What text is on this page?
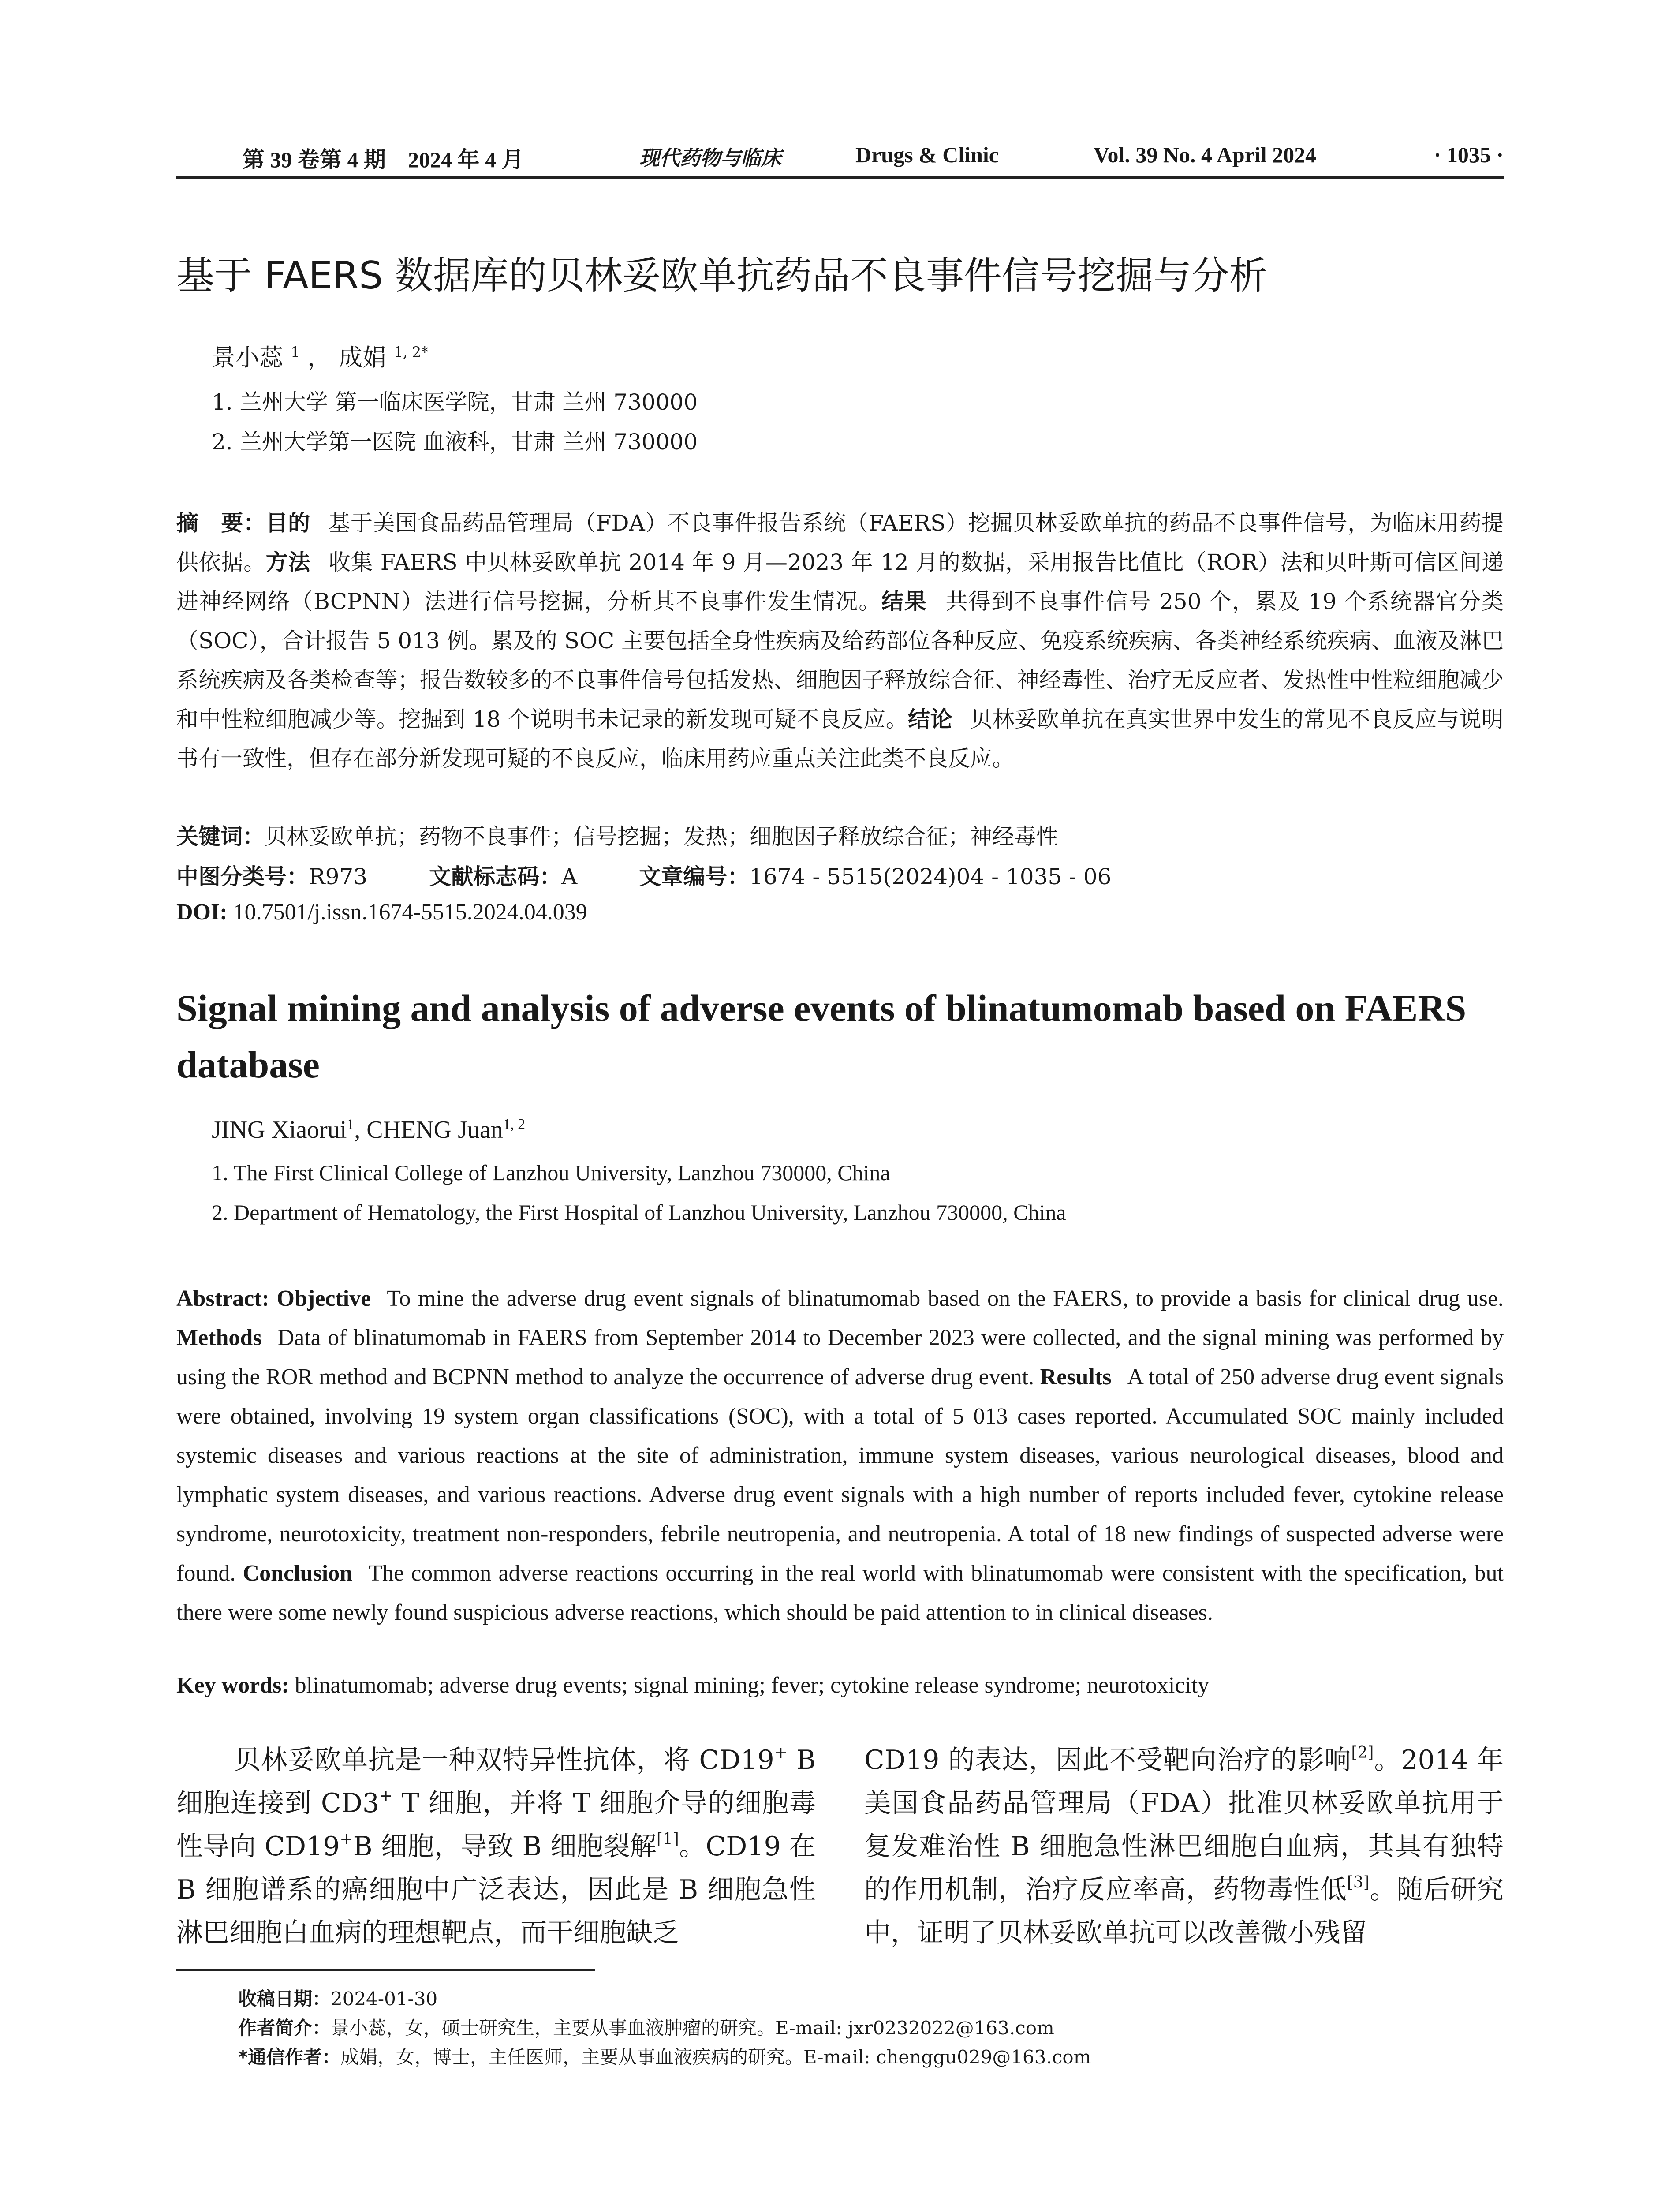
第 39 卷第 4 期　2024 年 4 月	现代药物与临床	Drugs & Clinic	Vol. 39 No. 4 April 2024	· 1035 ·
基于 FAERS 数据库的贝林妥欧单抗药品不良事件信号挖掘与分析
景小蕊 $^1$ ， 成娟 $^{1, 2*}$
1. 兰州大学 第一临床医学院，甘肃 兰州 730000
2. 兰州大学第一医院 血液科，甘肃 兰州 730000
摘　要：目的 基于美国食品药品管理局（FDA）不良事件报告系统（FAERS）挖掘贝林妥欧单抗的药品不良事件信号，为临床用药提供依据。方法 收集 FAERS 中贝林妥欧单抗 2014 年 9 月—2023 年 12 月的数据，采用报告比值比（ROR）法和贝叶斯可信区间递进神经网络（BCPNN）法进行信号挖掘，分析其不良事件发生情况。结果 共得到不良事件信号 250 个，累及 19 个系统器官分类（SOC），合计报告 5 013 例。累及的 SOC 主要包括全身性疾病及给药部位各种反应、免疫系统疾病、各类神经系统疾病、血液及淋巴系统疾病及各类检查等；报告数较多的不良事件信号包括发热、细胞因子释放综合征、神经毒性、治疗无反应者、发热性中性粒细胞减少和中性粒细胞减少等。挖掘到 18 个说明书未记录的新发现可疑不良反应。结论 贝林妥欧单抗在真实世界中发生的常见不良反应与说明书有一致性，但存在部分新发现可疑的不良反应，临床用药应重点关注此类不良反应。
关键词：贝林妥欧单抗；药物不良事件；信号挖掘；发热；细胞因子释放综合征；神经毒性
中图分类号：R973	文献标志码：A	文章编号：1674 - 5515(2024)04 - 1035 - 06
DOI: 10.7501/j.issn.1674-5515.2024.04.039
Signal mining and analysis of adverse events of blinatumomab based on FAERS database
JING Xiaorui$^1$, CHENG Juan$^{1, 2}$
1. The First Clinical College of Lanzhou University, Lanzhou 730000, China
2. Department of Hematology, the First Hospital of Lanzhou University, Lanzhou 730000, China
Abstract: Objective To mine the adverse drug event signals of blinatumomab based on the FAERS, to provide a basis for clinical drug use. Methods Data of blinatumomab in FAERS from September 2014 to December 2023 were collected, and the signal mining was performed by using the ROR method and BCPNN method to analyze the occurrence of adverse drug event. Results A total of 250 adverse drug event signals were obtained, involving 19 system organ classifications (SOC), with a total of 5 013 cases reported. Accumulated SOC mainly included systemic diseases and various reactions at the site of administration, immune system diseases, various neurological diseases, blood and lymphatic system diseases, and various reactions. Adverse drug event signals with a high number of reports included fever, cytokine release syndrome, neurotoxicity, treatment non-responders, febrile neutropenia, and neutropenia. A total of 18 new findings of suspected adverse were found. Conclusion The common adverse reactions occurring in the real world with blinatumomab were consistent with the specification, but there were some newly found suspicious adverse reactions, which should be paid attention to in clinical diseases.
Key words: blinatumomab; adverse drug events; signal mining; fever; cytokine release syndrome; neurotoxicity
贝林妥欧单抗是一种双特异性抗体，将 CD19+ B 细胞连接到 CD3+ T 细胞，并将 T 细胞介导的细胞毒性导向 CD19+B 细胞，导致 B 细胞裂解[1]。CD19 在 B 细胞谱系的癌细胞中广泛表达，因此是 B 细胞急性淋巴细胞白血病的理想靶点，而干细胞缺乏
CD19 的表达，因此不受靶向治疗的影响[2]。2014 年美国食品药品管理局（FDA）批准贝林妥欧单抗用于复发难治性 B 细胞急性淋巴细胞白血病，其具有独特的作用机制，治疗反应率高，药物毒性低[3]。随后研究中，证明了贝林妥欧单抗可以改善微小残留
收稿日期：2024-01-30
作者简介：景小蕊，女，硕士研究生，主要从事血液肿瘤的研究。E-mail: jxr0232022@163.com
*通信作者：成娟，女，博士，主任医师，主要从事血液疾病的研究。E-mail: chenggu029@163.com
